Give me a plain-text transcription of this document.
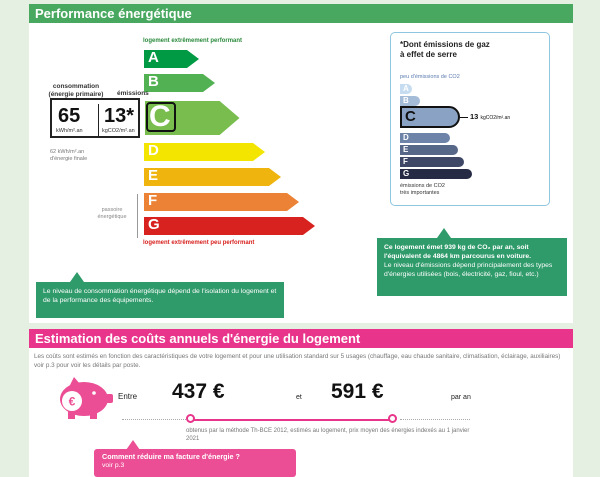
Performance énergétique
logement extrêmement performant
A
B
C
D
E
F
G
logement extrêmement peu performant
consommation
(énergie primaire)	émissions
65
kWh/m².an
13*
kgCO2/m².an
62 kWh/m².an
d'énergie finale
passoire
énergétique
*Dont émissions de gaz
à effet de serre
peu d'émissions de CO2
A
B
C
D
E
F
G
13 kgCO2/m².an
émissions de CO2
très importantes
Le niveau de consommation énergétique dépend de l'isolation du logement et de la performance des équipements.
Ce logement émet 939 kg de CO₂ par an, soit l'équivalent de 4864 km parcourus en voiture.
Le niveau d'émissions dépend principalement des types d'énergies utilisées (bois, électricité, gaz, fioul, etc.)
Estimation des coûts annuels d'énergie du logement
Les coûts sont estimés en fonction des caractéristiques de votre logement et pour une utilisation standard sur 5 usages (chauffage, eau chaude sanitaire, climatisation, éclairage, auxiliaires) voir p.3 pour voir les détails par poste.
€	Entre 437 €	et 591 €	par an
obtenus par la méthode Th-BCE 2012, estimés au logement, prix moyen des énergies indexés au 1 janvier 2021
Comment réduire ma facture d'énergie ?
voir p.3
